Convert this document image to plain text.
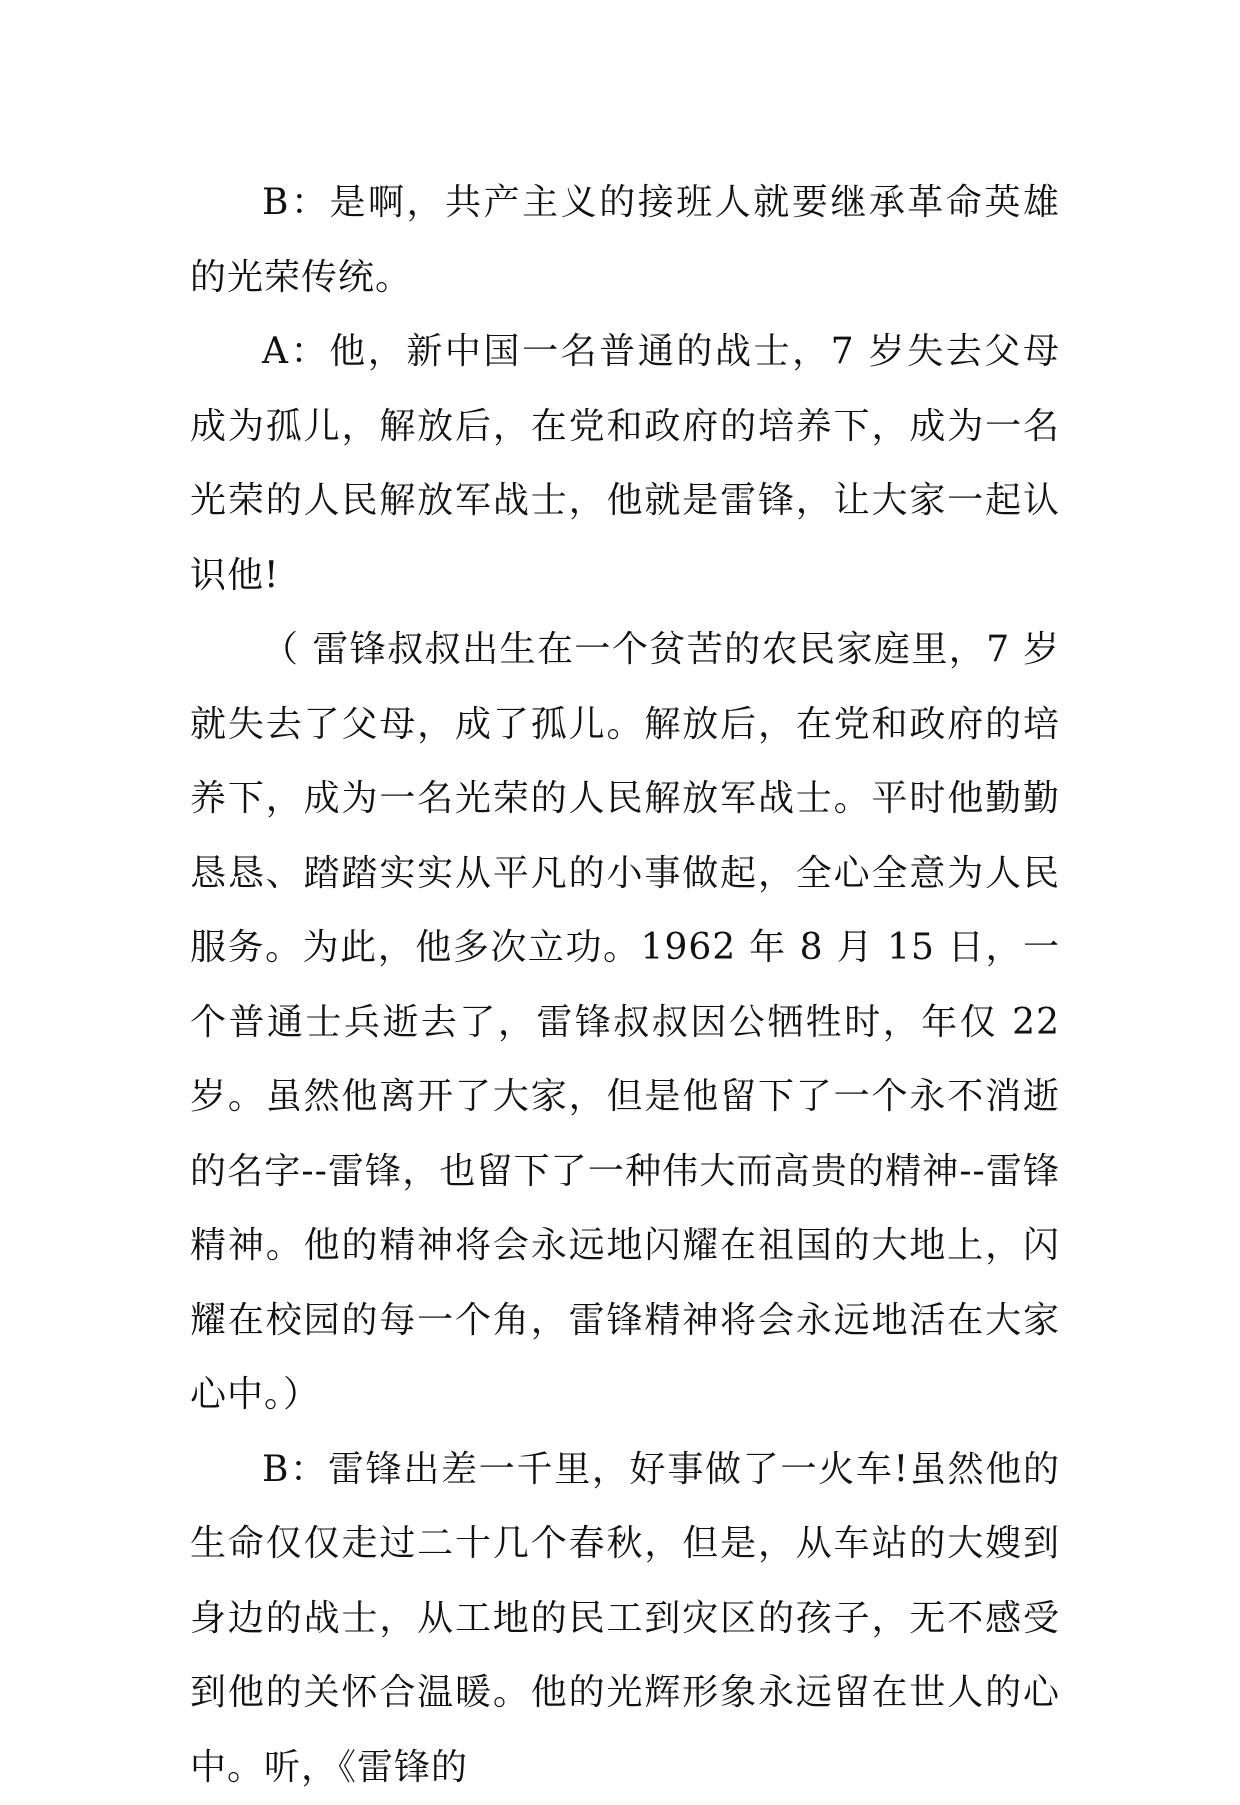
B：是啊，共产主义的接班人就要继承革命英雄的光荣传统。

A：他，新中国一名普通的战士，7 岁失去父母成为孤儿，解放后，在党和政府的培养下，成为一名光荣的人民解放军战士，他就是雷锋，让大家一起认识他!

（ 雷锋叔叔出生在一个贫苦的农民家庭里，7 岁就失去了父母，成了孤儿。解放后，在党和政府的培养下，成为一名光荣的人民解放军战士。平时他勤勤恳恳、踏踏实实从平凡的小事做起，全心全意为人民服务。为此，他多次立功。1962 年 8 月 15 日，一个普通士兵逝去了，雷锋叔叔因公牺牲时，年仅 22 岁。虽然他离开了大家，但是他留下了一个永不消逝的名字--雷锋，也留下了一种伟大而高贵的精神--雷锋精神。他的精神将会永远地闪耀在祖国的大地上，闪耀在校园的每一个角，雷锋精神将会永远地活在大家心中。）

B：雷锋出差一千里，好事做了一火车!虽然他的生命仅仅走过二十几个春秋，但是，从车站的大嫂到身边的战士，从工地的民工到灾区的孩子，无不感受到他的关怀合温暖。他的光辉形象永远留在世人的心中。听，《雷锋的
